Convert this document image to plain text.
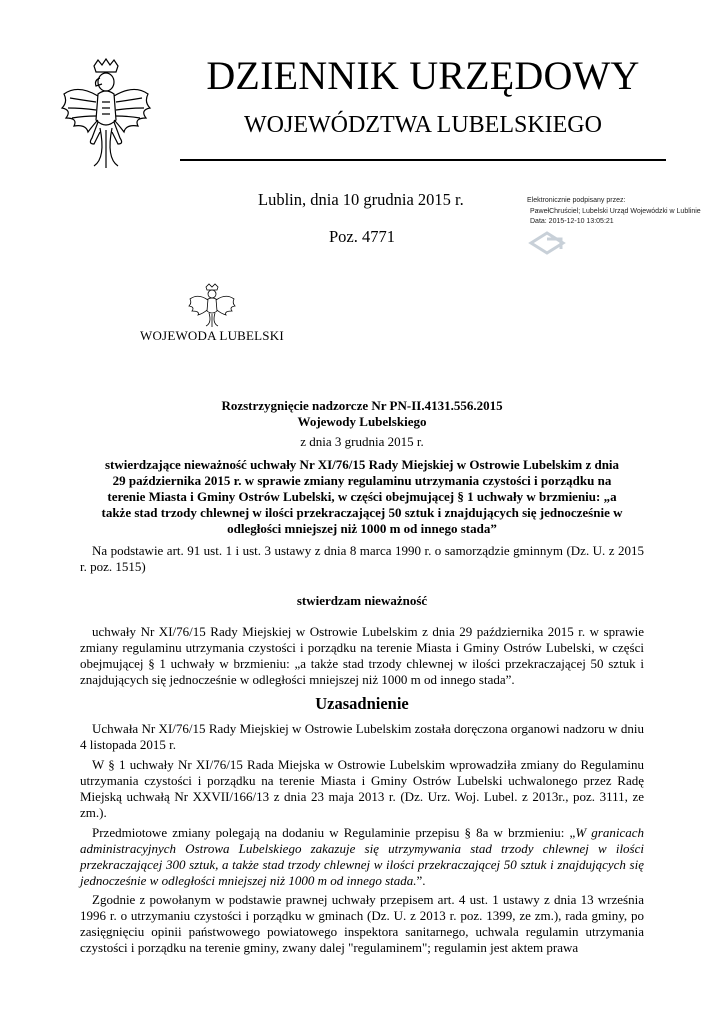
DZIENNIK URZĘDOWY
WOJEWÓDZTWA LUBELSKIEGO
Lublin, dnia 10 grudnia 2015 r.
Poz. 4771
Elektronicznie podpisany przez:
PawełChruściel; Lubelski Urząd Wojewódzki w Lublinie
Data: 2015-12-10 13:05:21
WOJEWODA LUBELSKI
Rozstrzygnięcie nadzorcze Nr PN-II.4131.556.2015
Wojewody Lubelskiego
z dnia 3 grudnia 2015 r.
stwierdzające nieważność uchwały Nr XI/76/15 Rady Miejskiej w Ostrowie Lubelskim z dnia 29 października 2015 r. w sprawie zmiany regulaminu utrzymania czystości i porządku na terenie Miasta i Gminy Ostrów Lubelski, w części obejmującej § 1 uchwały w brzmieniu: „a także stad trzody chlewnej w ilości przekraczającej 50 sztuk i znajdujących się jednocześnie w odległości mniejszej niż 1000 m od innego stada”
Na podstawie art. 91 ust. 1 i ust. 3 ustawy z dnia 8 marca 1990 r. o samorządzie gminnym (Dz. U. z 2015 r. poz. 1515)
stwierdzam nieważność
uchwały Nr XI/76/15 Rady Miejskiej w Ostrowie Lubelskim z dnia 29 października 2015 r. w sprawie zmiany regulaminu utrzymania czystości i porządku na terenie Miasta i Gminy Ostrów Lubelski, w części obejmującej § 1 uchwały w brzmieniu: „a także stad trzody chlewnej w ilości przekraczającej 50 sztuk i znajdujących się jednocześnie w odległości mniejszej niż 1000 m od innego stada”.
Uzasadnienie
Uchwała Nr XI/76/15 Rady Miejskiej w Ostrowie Lubelskim została doręczona organowi nadzoru w dniu 4 listopada 2015 r.
W § 1 uchwały Nr XI/76/15 Rada Miejska w Ostrowie Lubelskim wprowadziła zmiany do Regulaminu utrzymania czystości i porządku na terenie Miasta i Gminy Ostrów Lubelski uchwalonego przez Radę Miejską uchwałą Nr XXVII/166/13 z dnia 23 maja 2013 r. (Dz. Urz. Woj. Lubel. z 2013r., poz. 3111, ze zm.).
Przedmiotowe zmiany polegają na dodaniu w Regulaminie przepisu § 8a w brzmieniu: „W granicach administracyjnych Ostrowa Lubelskiego zakazuje się utrzymywania stad trzody chlewnej w ilości przekraczającej 300 sztuk, a także stad trzody chlewnej w ilości przekraczającej 50 sztuk i znajdujących się jednocześnie w odległości mniejszej niż 1000 m od innego stada.”.
Zgodnie z powołanym w podstawie prawnej uchwały przepisem art. 4 ust. 1 ustawy z dnia 13 września 1996 r. o utrzymaniu czystości i porządku w gminach (Dz. U. z 2013 r. poz. 1399, ze zm.), rada gminy, po zasięgnięciu opinii państwowego powiatowego inspektora sanitarnego, uchwala regulamin utrzymania czystości i porządku na terenie gminy, zwany dalej "regulaminem"; regulamin jest aktem prawa
